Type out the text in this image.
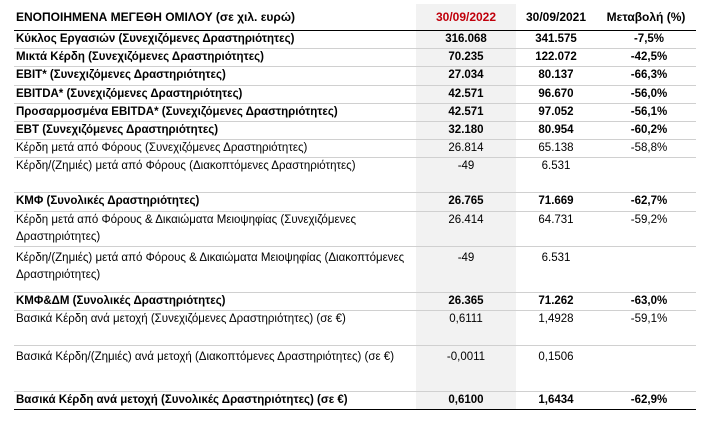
ΕΝΟΠΟΙΗΜΕΝΑ ΜΕΓΕΘΗ ΟΜΙΛΟΥ (σε χιλ. ευρώ)	30/09/2022	30/09/2021	Μεταβολή (%)
Κύκλος Εργασιών (Συνεχιζόμενες Δραστηριότητες)	316.068	341.575	-7,5%
Μικτά Κέρδη (Συνεχιζόμενες Δραστηριότητες)	70.235	122.072	-42,5%
EBIT* (Συνεχιζόμενες Δραστηριότητες)	27.034	80.137	-66,3%
EBITDA* (Συνεχιζόμενες Δραστηριότητες)	42.571	96.670	-56,0%
Προσαρμοσμένα EBITDA* (Συνεχιζόμενες Δραστηριότητες)	42.571	97.052	-56,1%
EBT (Συνεχιζόμενες Δραστηριότητες)	32.180	80.954	-60,2%
Κέρδη μετά από Φόρους (Συνεχιζόμενες Δραστηριότητες)	26.814	65.138	-58,8%
Κέρδη/(Ζημιές) μετά από Φόρους (Διακοπτόμενες Δραστηριότητες)	-49	6.531	
ΚΜΦ (Συνολικές Δραστηριότητες)	26.765	71.669	-62,7%
Κέρδη μετά από Φόρους & Δικαιώματα Μειοψηφίας (Συνεχιζόμενες Δραστηριότητες)	26.414	64.731	-59,2%
Κέρδη/(Ζημιές) μετά από Φόρους & Δικαιώματα Μειοψηφίας (Διακοπτόμενες Δραστηριότητες)	-49	6.531	
ΚΜΦ&ΔΜ (Συνολικές Δραστηριότητες)	26.365	71.262	-63,0%
Βασικά Κέρδη ανά μετοχή (Συνεχιζόμενες Δραστηριότητες) (σε €)	0,6111	1,4928	-59,1%
Βασικά Κέρδη/(Ζημιές) ανά μετοχή (Διακοπτόμενες Δραστηριότητες) (σε €)	-0,0011	0,1506	
Βασικά Κέρδη ανά μετοχή (Συνολικές Δραστηριότητες) (σε €)	0,6100	1,6434	-62,9%
